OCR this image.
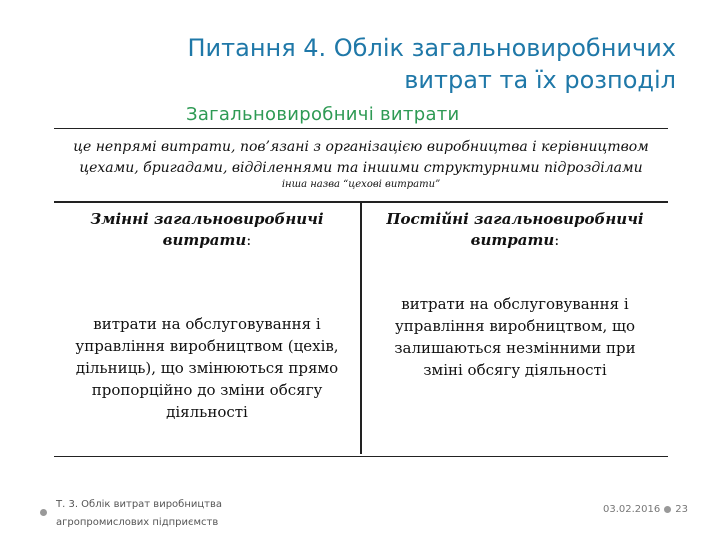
Питання 4. Облік загальновиробничих
витрат та їх розподіл
Загальновиробничі витрати
це непрямі витрати, пов’язані з організацією виробництва і керівництвом
цехами, бригадами, відділеннями та іншими структурними підрозділами
інша назва “цехові витрати”
Змінні загальновиробничі
витрати:
витрати на обслуговування і
управління виробництвом (цехів,
дільниць), що змінюються прямо
пропорційно до зміни обсягу
діяльності
Постійні загальновиробничі
витрати:
витрати на обслуговування і
управління виробництвом, що
залишаються незмінними при
зміні обсягу діяльності
Т. 3. Облік витрат виробництва
агропромислових підприємств
03.02.2016 23
